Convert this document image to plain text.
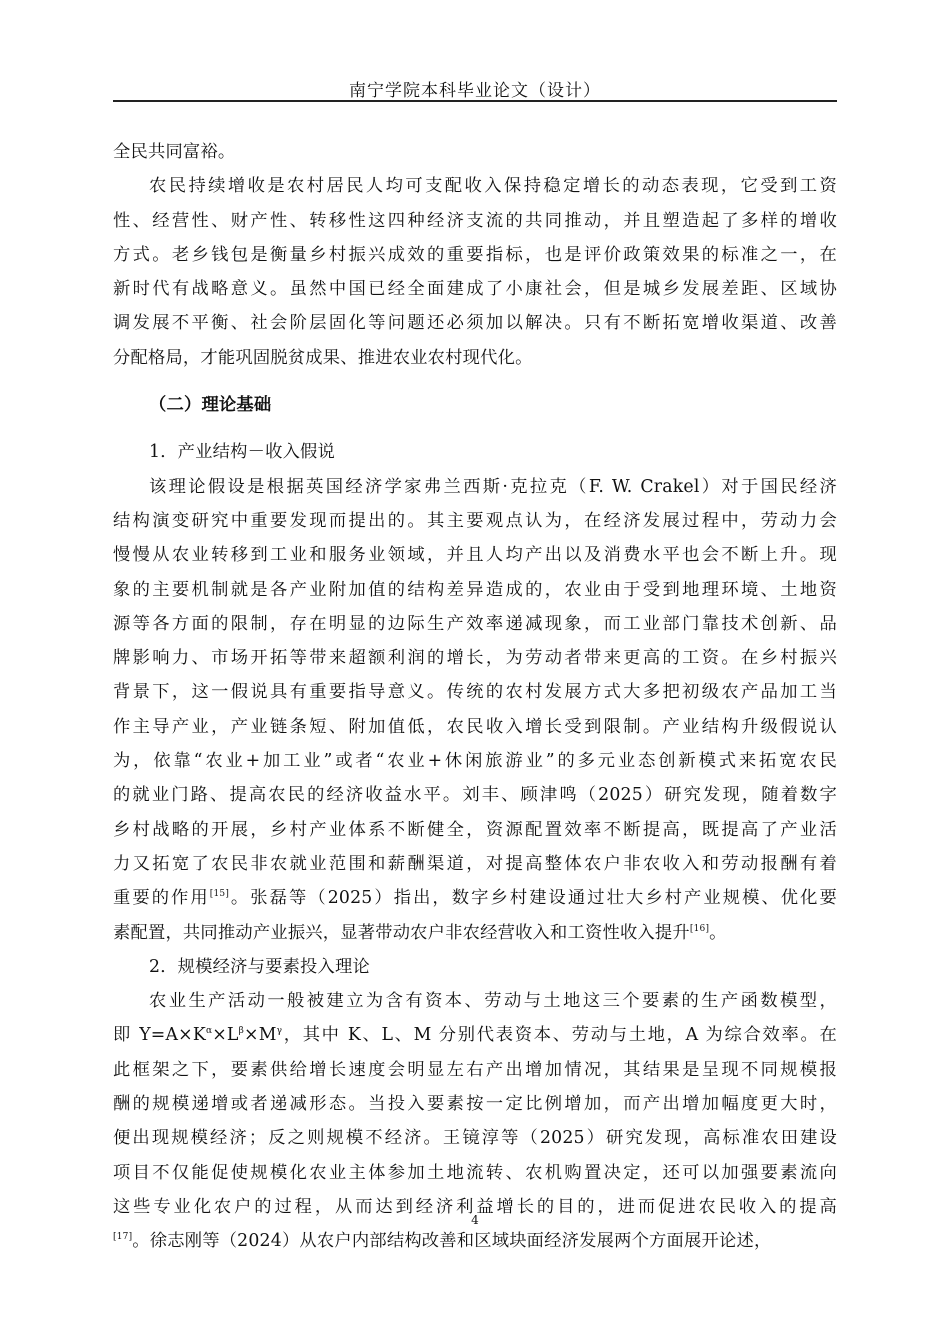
南宁学院本科毕业论文（设计）
全民共同富裕。
农民持续增收是农村居民人均可支配收入保持稳定增长的动态表现，它受到工资
性、经营性、财产性、转移性这四种经济支流的共同推动，并且塑造起了多样的增收
方式。老乡钱包是衡量乡村振兴成效的重要指标，也是评价政策效果的标准之一，在
新时代有战略意义。虽然中国已经全面建成了小康社会，但是城乡发展差距、区域协
调发展不平衡、社会阶层固化等问题还必须加以解决。只有不断拓宽增收渠道、改善
分配格局，才能巩固脱贫成果、推进农业农村现代化。
（二）理论基础
1．产业结构－收入假说
该理论假设是根据英国经济学家弗兰西斯·克拉克（F. W. Crakel）对于国民经济
结构演变研究中重要发现而提出的。其主要观点认为，在经济发展过程中，劳动力会
慢慢从农业转移到工业和服务业领域，并且人均产出以及消费水平也会不断上升。现
象的主要机制就是各产业附加值的结构差异造成的，农业由于受到地理环境、土地资
源等各方面的限制，存在明显的边际生产效率递减现象，而工业部门靠技术创新、品
牌影响力、市场开拓等带来超额利润的增长，为劳动者带来更高的工资。在乡村振兴
背景下，这一假说具有重要指导意义。传统的农村发展方式大多把初级农产品加工当
作主导产业，产业链条短、附加值低，农民收入增长受到限制。产业结构升级假说认
为，依靠“农业+加工业”或者“农业+休闲旅游业”的多元业态创新模式来拓宽农民
的就业门路、提高农民的经济收益水平。刘丰、顾津鸣（2025）研究发现，随着数字
乡村战略的开展，乡村产业体系不断健全，资源配置效率不断提高，既提高了产业活
力又拓宽了农民非农就业范围和薪酬渠道，对提高整体农户非农收入和劳动报酬有着
重要的作用[15]。张磊等（2025）指出，数字乡村建设通过壮大乡村产业规模、优化要
素配置，共同推动产业振兴，显著带动农户非农经营收入和工资性收入提升[16]。
2．规模经济与要素投入理论
农业生产活动一般被建立为含有资本、劳动与土地这三个要素的生产函数模型，
即 $Y=A\times K^\alpha\times L^\beta\times M^\gamma$，其中 K、L、M 分别代表资本、劳动与土地，A 为综合效率。在
此框架之下，要素供给增长速度会明显左右产出增加情况，其结果是呈现不同规模报
酬的规模递增或者递减形态。当投入要素按一定比例增加，而产出增加幅度更大时，
便出现规模经济；反之则规模不经济。王镜淳等（2025）研究发现，高标准农田建设
项目不仅能促使规模化农业主体参加土地流转、农机购置决定，还可以加强要素流向
这些专业化农户的过程，从而达到经济利益增长的目的，进而促进农民收入的提高
[17]。徐志刚等（2024）从农户内部结构改善和区域块面经济发展两个方面展开论述，
4
